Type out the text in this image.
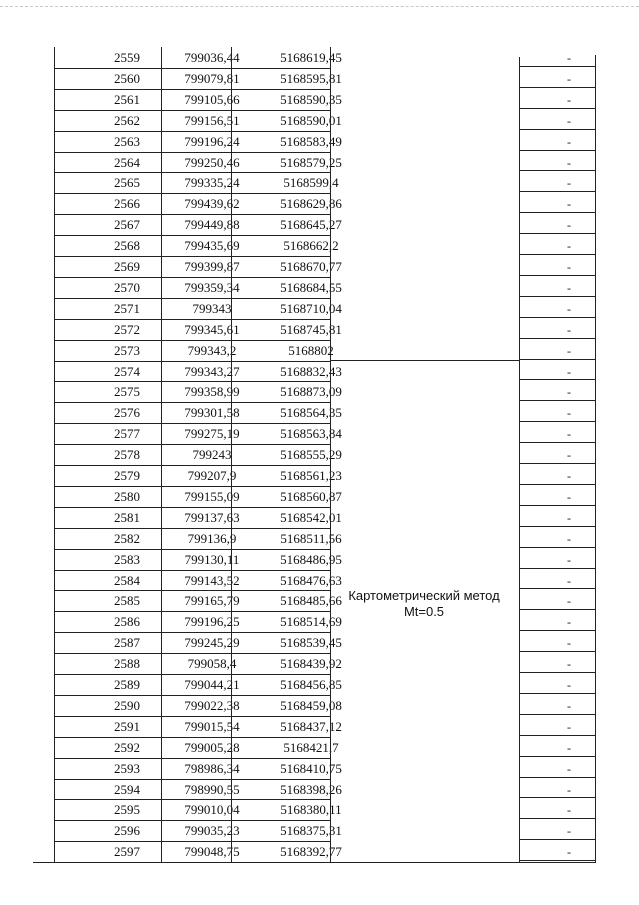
Картометрический метод
Mt=0.5
2559	799036,44	5168619,45	-
2560	799079,81	5168595,81	-
2561	799105,66	5168590,35	-
2562	799156,51	5168590,01	-
2563	799196,24	5168583,49	-
2564	799250,46	5168579,25	-
2565	799335,24	5168599,4	-
2566	799439,62	5168629,86	-
2567	799449,88	5168645,27	-
2568	799435,69	5168662,2	-
2569	799399,87	5168670,77	-
2570	799359,34	5168684,55	-
2571	799343	5168710,04	-
2572	799345,61	5168745,81	-
2573	799343,2	5168802	-
2574	799343,27	5168832,43	-
2575	799358,99	5168873,09	-
2576	799301,58	5168564,35	-
2577	799275,19	5168563,84	-
2578	799243	5168555,29	-
2579	799207,9	5168561,23	-
2580	799155,09	5168560,87	-
2581	799137,63	5168542,01	-
2582	799136,9	5168511,56	-
2583	799130,11	5168486,95	-
2584	799143,52	5168476,63	-
2585	799165,79	5168485,66	-
2586	799196,25	5168514,69	-
2587	799245,29	5168539,45	-
2588	799058,4	5168439,92	-
2589	799044,21	5168456,85	-
2590	799022,38	5168459,08	-
2591	799015,54	5168437,12	-
2592	799005,28	5168421,7	-
2593	798986,34	5168410,75	-
2594	798990,55	5168398,26	-
2595	799010,04	5168380,11	-
2596	799035,23	5168375,31	-
2597	799048,75	5168392,77	-
